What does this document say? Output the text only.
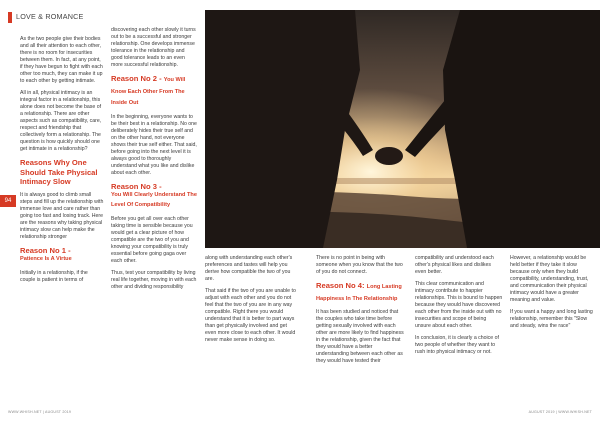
LOVE & ROMANCE
94

As the two people give their bodies and all their attention to each other, there is no room for insecurities between them. In fact, at any point, if they have begun to fight with each other too much, they can make it up to each other by getting intimate.

All in all, physical intimacy is an integral factor in a relationship, this alone does not become the base of a relationship. There are other aspects such as compatibility, care, respect and friendship that collectively form a relationship. The question is how quickly should one get intimate in a relationship?

Reasons Why One Should Take Physical Intimacy Slow

It is always good to climb small steps and fill up the relationship with immense love and care rather than going too fast and losing track. Here are the reasons why taking physical intimacy slow can help make the relationship stronger

Reason No 1 -
Patience Is A Virtue

Initially in a relationship, if the couple is patient in terms of

discovering each other slowly it turns out to be a successful and stronger relationship. One develops immense tolerance in the relationship and good tolerance leads to an even more successful relationship.

Reason No 2 - You Will Know Each Other From The Inside Out

In the beginning, everyone wants to be their best in a relationship. No one deliberately hides their true self and on the other hand, not everyone shows their true self either. That said, before going into the next level it is always good to thoroughly understand what you like and dislike about each other.

Reason No 3 -
You Will Clearly Understand The Level Of Compatibility

Before you get all over each other taking time is sensible because you would get a clear picture of how compatible are the two of you and knowing your compatibility is truly essential before going gaga over each other.

Thus, test your compatibility by living real life together, moving in with each other and dividing responsibility

along with understanding each other's preferences and tastes will help you derive how compatible the two of you are.

That said if the two of you are unable to adjust with each other and you do not feel that the two of you are in any way compatible. Right there you would understand that it is better to part ways than get physically involved and get even more close to each other. It would never make sense in doing so.

There is no point in being with someone when you know that the two of you do not connect.

Reason No 4: Long Lasting Happiness In The Relationship

It has been studied and noticed that the couples who take time before getting sexually involved with each other are more likely to find happiness in the relationship, given the fact that they would have a better understanding between each other as they would have tested their

compatibility and understood each other's physical likes and dislikes even better.

This clear communication and intimacy contribute to happier relationships. This is bound to happen because they would have discovered each other from the inside out with no insecurities and scope of being unsure about each other.

In conclusion, it is clearly a choice of two people of whether they want to rush into physical intimacy or not.

However, a relationship would be held better if they take it slow because only when they build compatibility, understanding, trust, and communication their physical intimacy would have a greater meaning and value.

If you want a happy and long lasting relationship, remember this "Slow and steady, wins the race"

WWW.WHISH.NET | AUGUST 2019	AUGUST 2019 | WWW.WHISH.NET
